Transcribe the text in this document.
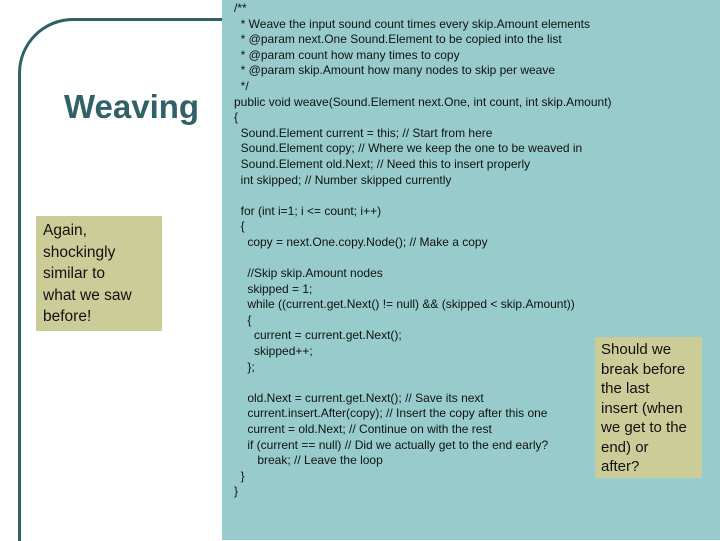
Weaving
/**
* Weave the input sound count times every skip.Amount elements
* @param next.One Sound.Element to be copied into the list
* @param count how many times to copy
* @param skip.Amount how many nodes to skip per weave
*/
public void weave(Sound.Element next.One, int count, int skip.Amount)
{
Sound.Element current = this; // Start from here
Sound.Element copy; // Where we keep the one to be weaved in
Sound.Element old.Next; // Need this to insert properly
int skipped; // Number skipped currently

for (int i=1; i <= count; i++)
{
copy = next.One.copy.Node(); // Make a copy

//Skip skip.Amount nodes
skipped = 1;
while ((current.get.Next() != null) && (skipped < skip.Amount))
{
current = current.get.Next();
skipped++;
};

old.Next = current.get.Next(); // Save its next
current.insert.After(copy); // Insert the copy after this one
current = old.Next; // Continue on with the rest
if (current == null) // Did we actually get to the end early?
break; // Leave the loop
}
}
Again,
shockingly
similar to
what we saw
before!
Should we
break before
the last
insert (when
we get to the
end) or
after?
